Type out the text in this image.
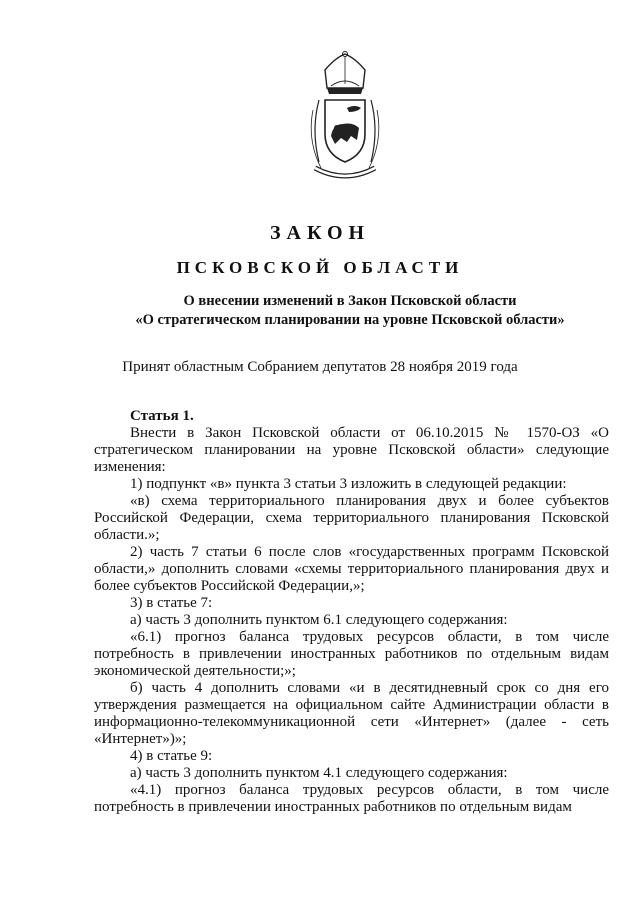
ЗАКОН
ПСКОВСКОЙ ОБЛАСТИ
О внесении изменений в Закон Псковской области
«О стратегическом планировании на уровне Псковской области»
Принят областным Собранием депутатов 28 ноября 2019 года

Статья 1.

Внести в Закон Псковской области от 06.10.2015 № 1570-ОЗ «О стратегическом планировании на уровне Псковской области» следующие изменения:

1) подпункт «в» пункта 3 статьи 3 изложить в следующей редакции:

«в) схема территориального планирования двух и более субъектов Российской Федерации, схема территориального планирования Псковской области.»;

2) часть 7 статьи 6 после слов «государственных программ Псковской области,» дополнить словами «схемы территориального планирования двух и более субъектов Российской Федерации,»;

3) в статье 7:

а) часть 3 дополнить пунктом 6.1 следующего содержания:

«6.1) прогноз баланса трудовых ресурсов области, в том числе потребность в привлечении иностранных работников по отдельным видам экономической деятельности;»;

б) часть 4 дополнить словами «и в десятидневный срок со дня его утверждения размещается на официальном сайте Администрации области в информационно-телекоммуникационной сети «Интернет» (далее - сеть «Интернет»)»;

4) в статье 9:

а) часть 3 дополнить пунктом 4.1 следующего содержания:

«4.1) прогноз баланса трудовых ресурсов области, в том числе потребность в привлечении иностранных работников по отдельным видам
